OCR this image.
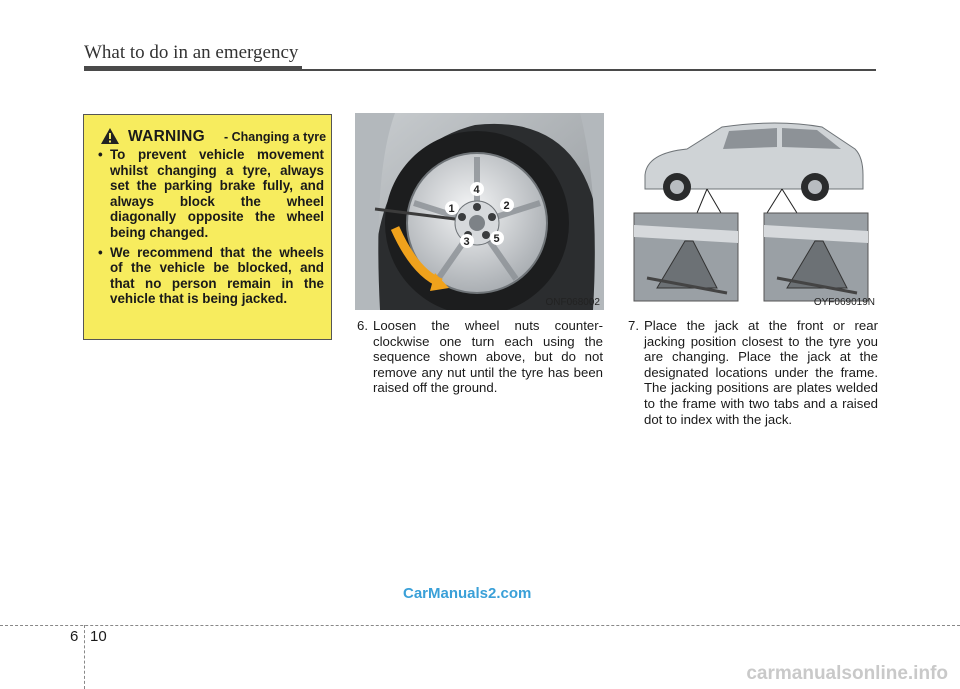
What to do in an emergency
WARNING - Changing a tyre
• To prevent vehicle movement whilst changing a tyre, always set the parking brake fully, and always block the wheel diagonally opposite the wheel being changed.
• We recommend that the wheels of the vehicle be blocked, and that no person remain in the vehicle that is being jacked.
1	2
3
4
5
ONF068002	OYF069019N
6. Loosen the wheel nuts counter-clockwise one turn each using the sequence shown above, but do not remove any nut until the tyre has been raised off the ground.
7. Place the jack at the front or rear jacking position closest to the tyre you are changing. Place the jack at the designated locations under the frame. The jacking positions are plates welded to the frame with two tabs and a raised dot to index with the jack.
CarManuals2.com
6 10
carmanualsonline.info
